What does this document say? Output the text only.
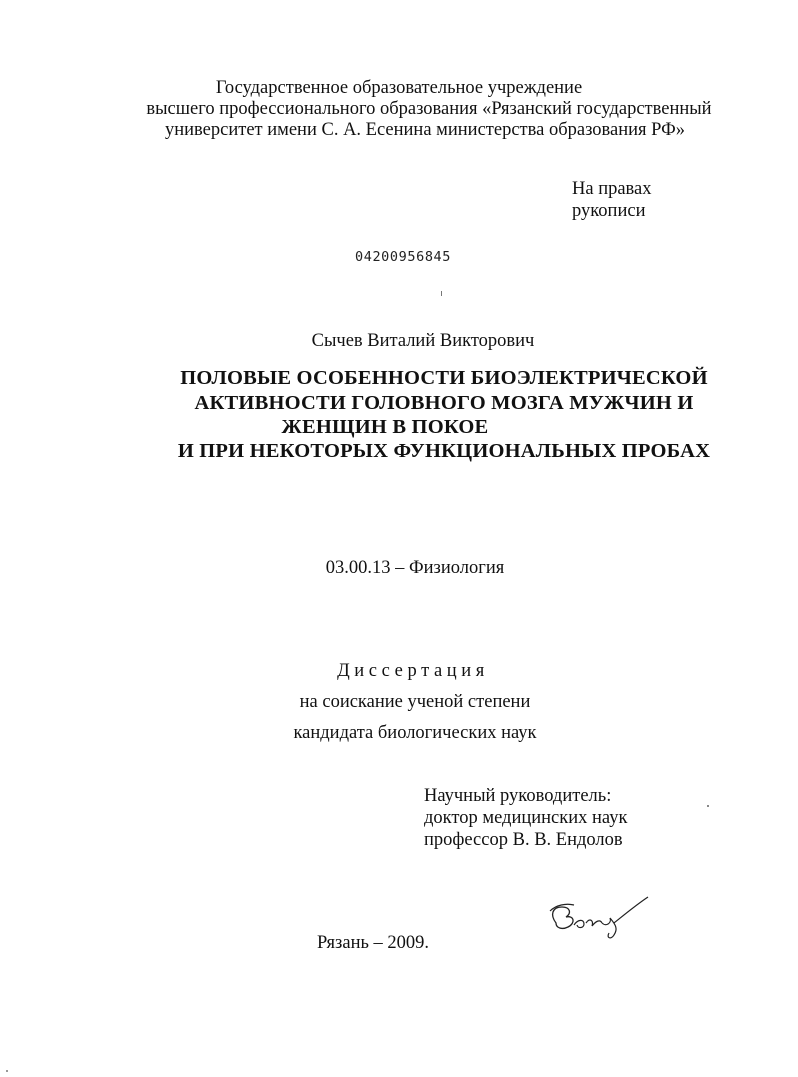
Государственное образовательное учреждение
высшего профессионального образования «Рязанский государственный
университет имени С. А. Есенина министерства образования РФ»
На правах
рукописи
04200956845
Сычев Виталий Викторович
ПОЛОВЫЕ ОСОБЕННОСТИ БИОЭЛЕКТРИЧЕСКОЙ
АКТИВНОСТИ ГОЛОВНОГО МОЗГА МУЖЧИН И
ЖЕНЩИН В ПОКОЕ
И ПРИ НЕКОТОРЫХ ФУНКЦИОНАЛЬНЫХ ПРОБАХ
03.00.13 – Физиология
Диссертация
на соискание ученой степени
кандидата биологических наук
Научный руководитель:
доктор медицинских наук
профессор В. В. Ендолов
Рязань – 2009.
